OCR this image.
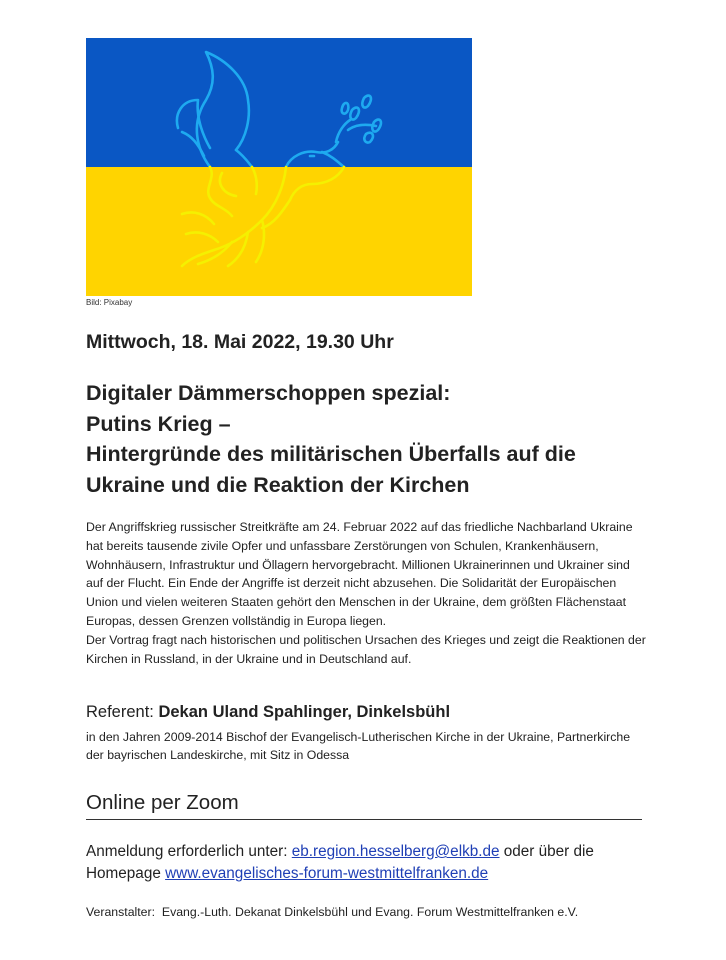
Bild: Pixabay
Mittwoch, 18. Mai 2022, 19.30 Uhr
Digitaler Dämmerschoppen spezial:
Putins Krieg –
Hintergründe des militärischen Überfalls auf die
Ukraine und die Reaktion der Kirchen

Der Angriffskrieg russischer Streitkräfte am 24. Februar 2022 auf das friedliche Nachbarland Ukraine hat bereits tausende zivile Opfer und unfassbare Zerstörungen von Schulen, Krankenhäusern, Wohnhäusern, Infrastruktur und Öllagern hervorgebracht. Millionen Ukrainerinnen und Ukrainer sind auf der Flucht. Ein Ende der Angriffe ist derzeit nicht abzusehen. Die Solidarität der Europäischen Union und vielen weiteren Staaten gehört den Menschen in der Ukraine, dem größten Flächenstaat Europas, dessen Grenzen vollständig in Europa liegen.

Der Vortrag fragt nach historischen und politischen Ursachen des Krieges und zeigt die Reaktionen der Kirchen in Russland, in der Ukraine und in Deutschland auf.

Referent: Dekan Uland Spahlinger, Dinkelsbühl
in den Jahren 2009-2014 Bischof der Evangelisch-Lutherischen Kirche in der Ukraine, Partnerkirche der bayrischen Landeskirche, mit Sitz in Odessa
Online per Zoom
Anmeldung erforderlich unter: eb.region.hesselberg@elkb.de oder über die Homepage www.evangelisches-forum-westmittelfranken.de
Veranstalter:  Evang.-Luth. Dekanat Dinkelsbühl und Evang. Forum Westmittelfranken e.V.
